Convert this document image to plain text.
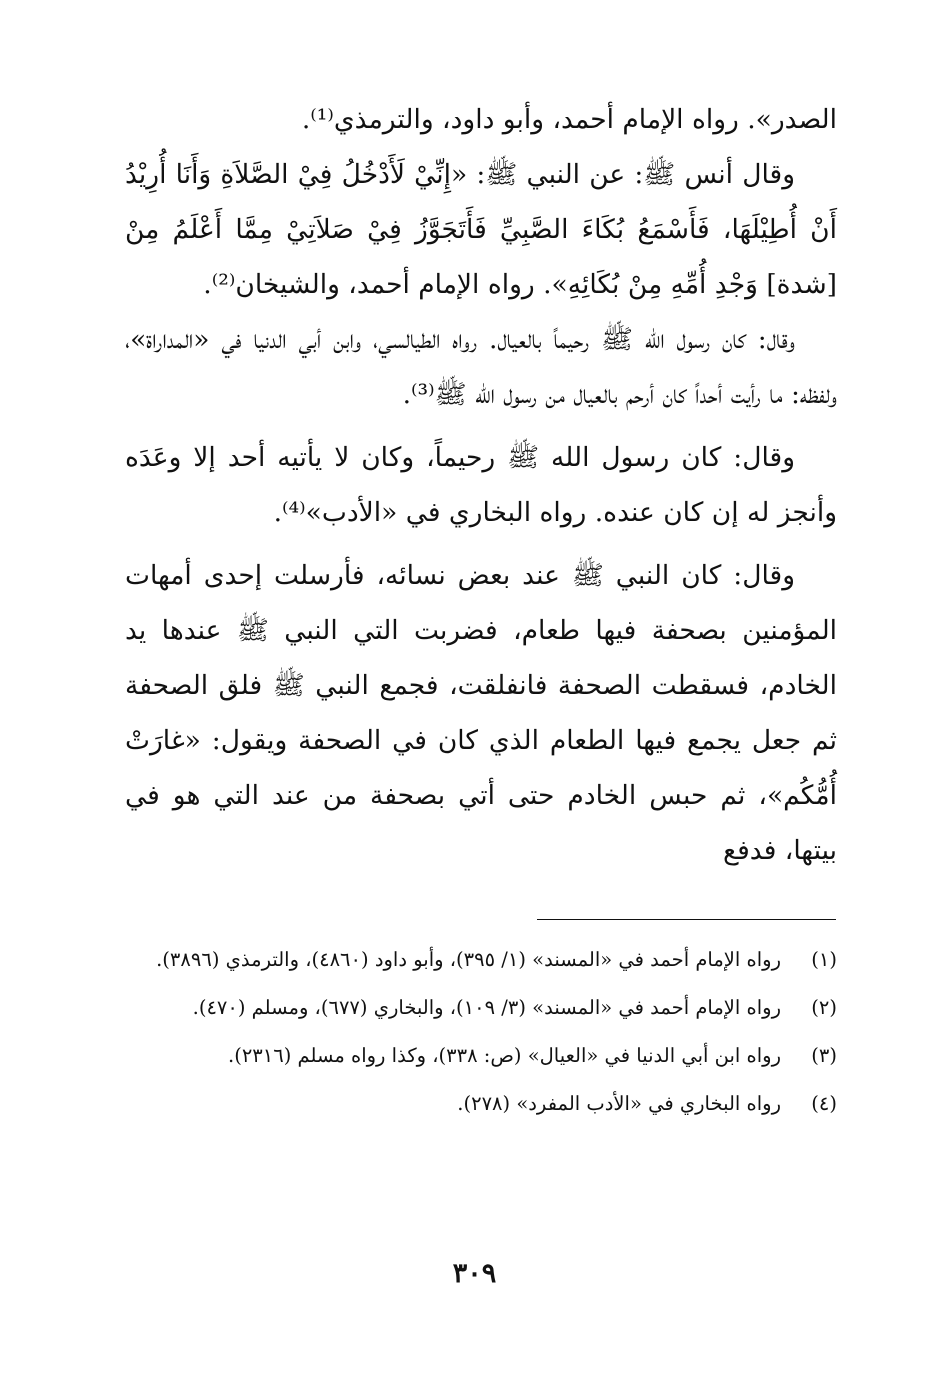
الصدر». رواه الإمام أحمد، وأبو داود، والترمذي⁽¹⁾.

وقال أنس ﷺ: عن النبي ﷺ: «إِنِّيْ لَأَدْخُلُ فِيْ الصَّلاَةِ وَأَنَا أُرِيْدُ أَنْ أُطِيْلَهَا، فَأَسْمَعُ بُكَاءَ الصَّبِيِّ فَأَتَجَوَّزُ فِيْ صَلاَتِيْ مِمَّا أَعْلَمُ مِنْ [شدة] وَجْدِ أُمِّهِ مِنْ بُكَائِهِ». رواه الإمام أحمد، والشيخان⁽²⁾.

وقال: كان رسول الله ﷺ رحيماً بالعيال. رواه الطيالسي، وابن أبي الدنيا في «المداراة»، ولفظه: ما رأيت أحداً كان أرحم بالعيال من رسول الله ﷺ⁽³⁾.

وقال: كان رسول الله ﷺ رحيماً، وكان لا يأتيه أحد إلا وعَدَه وأنجز له إن كان عنده. رواه البخاري في «الأدب»⁽⁴⁾.

وقال: كان النبي ﷺ عند بعض نسائه، فأرسلت إحدى أمهات المؤمنين بصحفة فيها طعام، فضربت التي النبي ﷺ عندها يد الخادم، فسقطت الصحفة فانفلقت، فجمع النبي ﷺ فلق الصحفة ثم جعل يجمع فيها الطعام الذي كان في الصحفة ويقول: «غارَتْ أُمُّكُم»، ثم حبس الخادم حتى أتي بصحفة من عند التي هو في بيتها، فدفع

(١)
رواه الإمام أحمد في «المسند» (١/ ٣٩٥)، وأبو داود (٤٨٦٠)، والترمذي (٣٨٩٦).
(٢)
رواه الإمام أحمد في «المسند» (٣/ ١٠٩)، والبخاري (٦٧٧)، ومسلم (٤٧٠).
(٣)
رواه ابن أبي الدنيا في «العيال» (ص: ٣٣٨)، وكذا رواه مسلم (٢٣١٦).
(٤)
رواه البخاري في «الأدب المفرد» (٢٧٨).
٣٠٩
